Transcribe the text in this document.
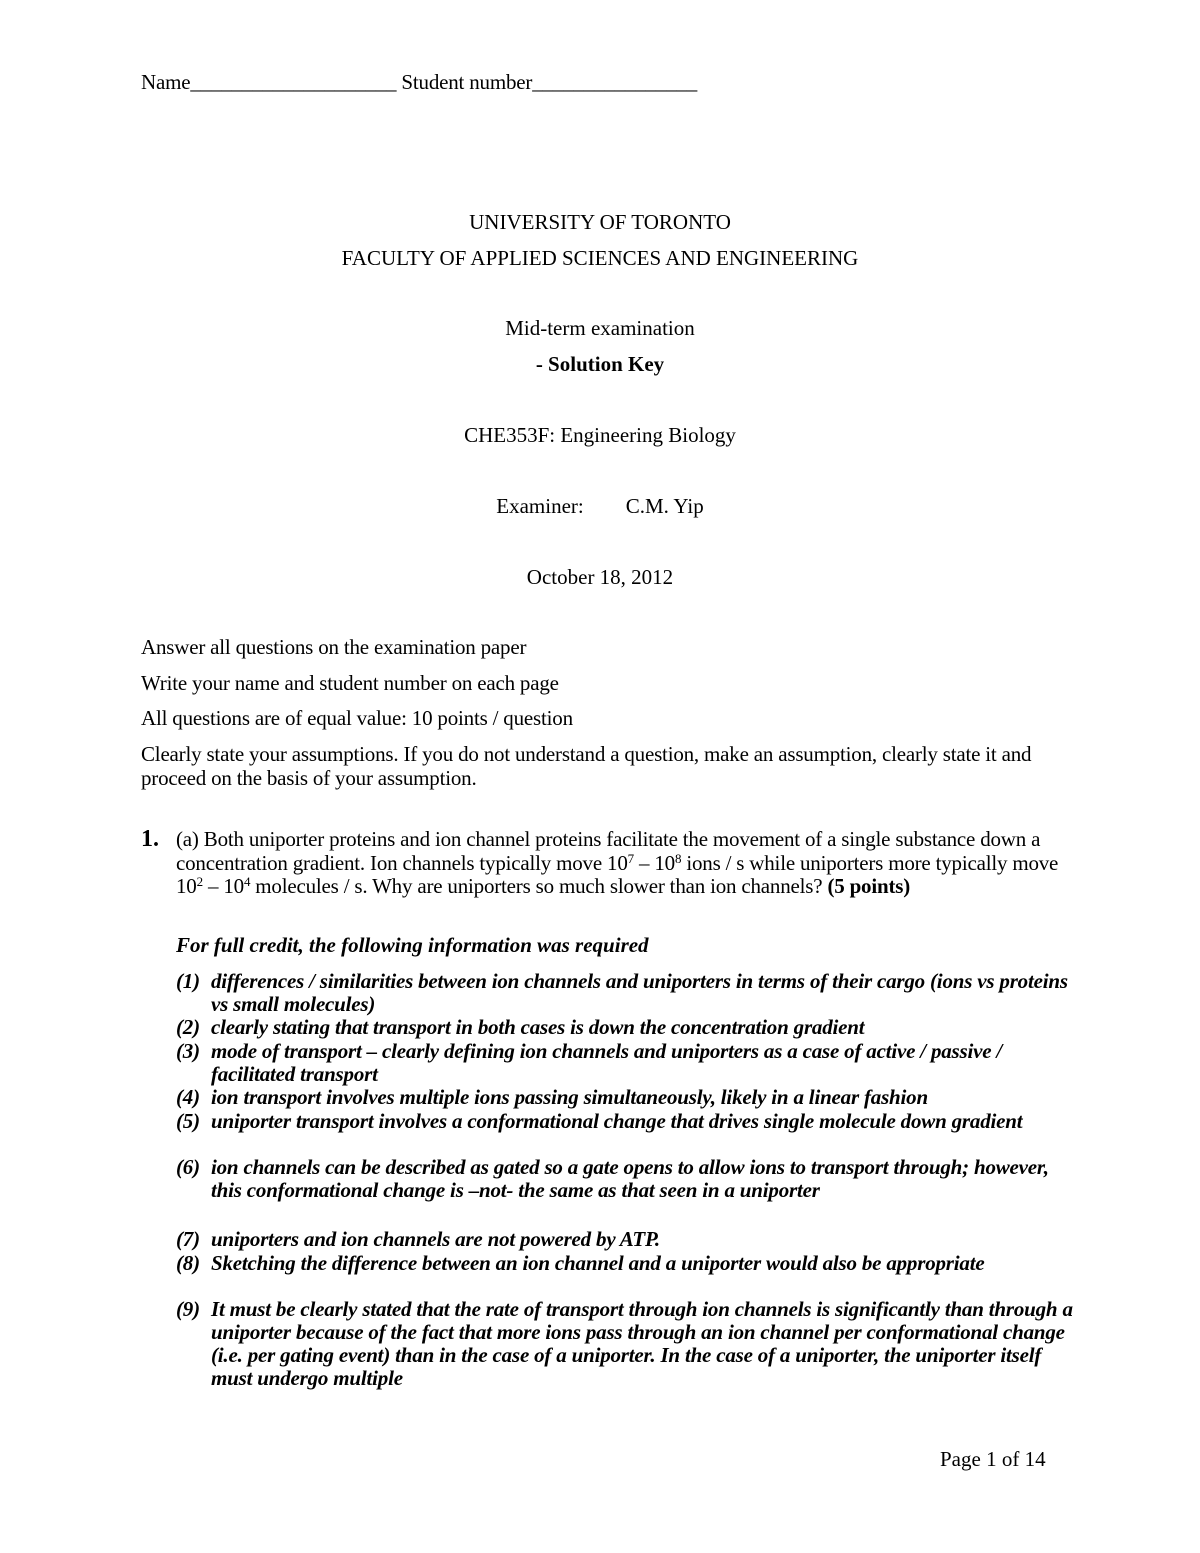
Name____________________ Student number________________
UNIVERSITY OF TORONTO
FACULTY OF APPLIED SCIENCES AND ENGINEERING
Mid-term examination
- Solution Key
CHE353F: Engineering Biology
Examiner: C.M. Yip
October 18, 2012
Answer all questions on the examination paper
Write your name and student number on each page
All questions are of equal value: 10 points / question
Clearly state your assumptions. If you do not understand a question, make an assumption, clearly state it and proceed on the basis of your assumption.
1. (a) Both uniporter proteins and ion channel proteins facilitate the movement of a single substance down a concentration gradient. Ion channels typically move $10^7 - 10^8$ ions / s while uniporters more typically move $10^2 - 10^4$ molecules / s. Why are uniporters so much slower than ion channels? (5 points)
For full credit, the following information was required
(1) differences / similarities between ion channels and uniporters in terms of their cargo (ions vs proteins vs small molecules)
(2) clearly stating that transport in both cases is down the concentration gradient
(3) mode of transport – clearly defining ion channels and uniporters as a case of active / passive / facilitated transport
(4) ion transport involves multiple ions passing simultaneously, likely in a linear fashion
(5) uniporter transport involves a conformational change that drives single molecule down gradient
(6) ion channels can be described as gated so a gate opens to allow ions to transport through; however, this conformational change is –not- the same as that seen in a uniporter
(7) uniporters and ion channels are not powered by ATP.
(8) Sketching the difference between an ion channel and a uniporter would also be appropriate
(9) It must be clearly stated that the rate of transport through ion channels is significantly than through a uniporter because of the fact that more ions pass through an ion channel per conformational change (i.e. per gating event) than in the case of a uniporter. In the case of a uniporter, the uniporter itself must undergo multiple
Page 1 of 14
